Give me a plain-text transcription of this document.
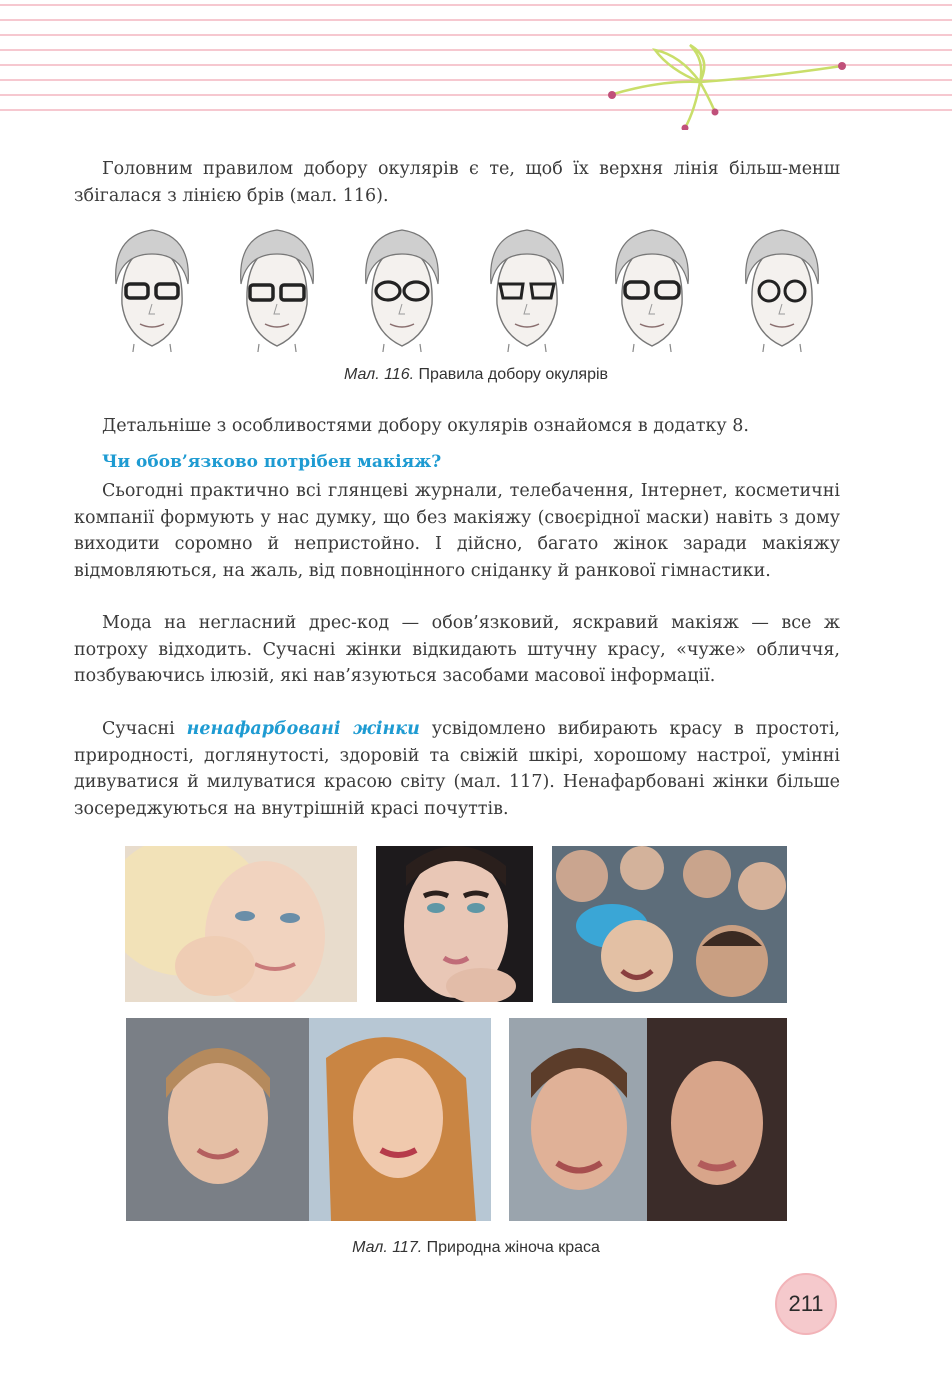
Головним правилом добору окулярів є те, щоб їх верхня лінія більш-менш збігалася з лінією брів (мал. 116).

Мал. 116. Правила добору окулярів

Детальніше з особливостями добору окулярів ознайомся в додатку 8.

Чи обов’язково потрібен макіяж?

Сьогодні практично всі глянцеві журнали, телебачення, Інтернет, косметичні компанії формують у нас думку, що без макіяжу (своєрідної маски) навіть з дому виходити соромно й непристойно. І дійсно, багато жінок заради макіяжу відмовляються, на жаль, від повноцінного сніданку й ранкової гімнастики.

Мода на негласний дрес-код — обов’язковий, яскравий макіяж — все ж потроху відходить. Сучасні жінки відкидають штучну красу, «чуже» обличчя, позбуваючись ілюзій, які нав’язуються засобами масової інформації.

Сучасні ненафарбовані жінки усвідомлено вибирають красу в простоті, природності, доглянутості, здоровій та свіжій шкірі, хорошому настрої, умінні дивуватися й милуватися красою світу (мал. 117). Ненафарбовані жінки більше зосереджуються на внутрішній красі почуттів.

Мал. 117. Природна жіноча краса

211
